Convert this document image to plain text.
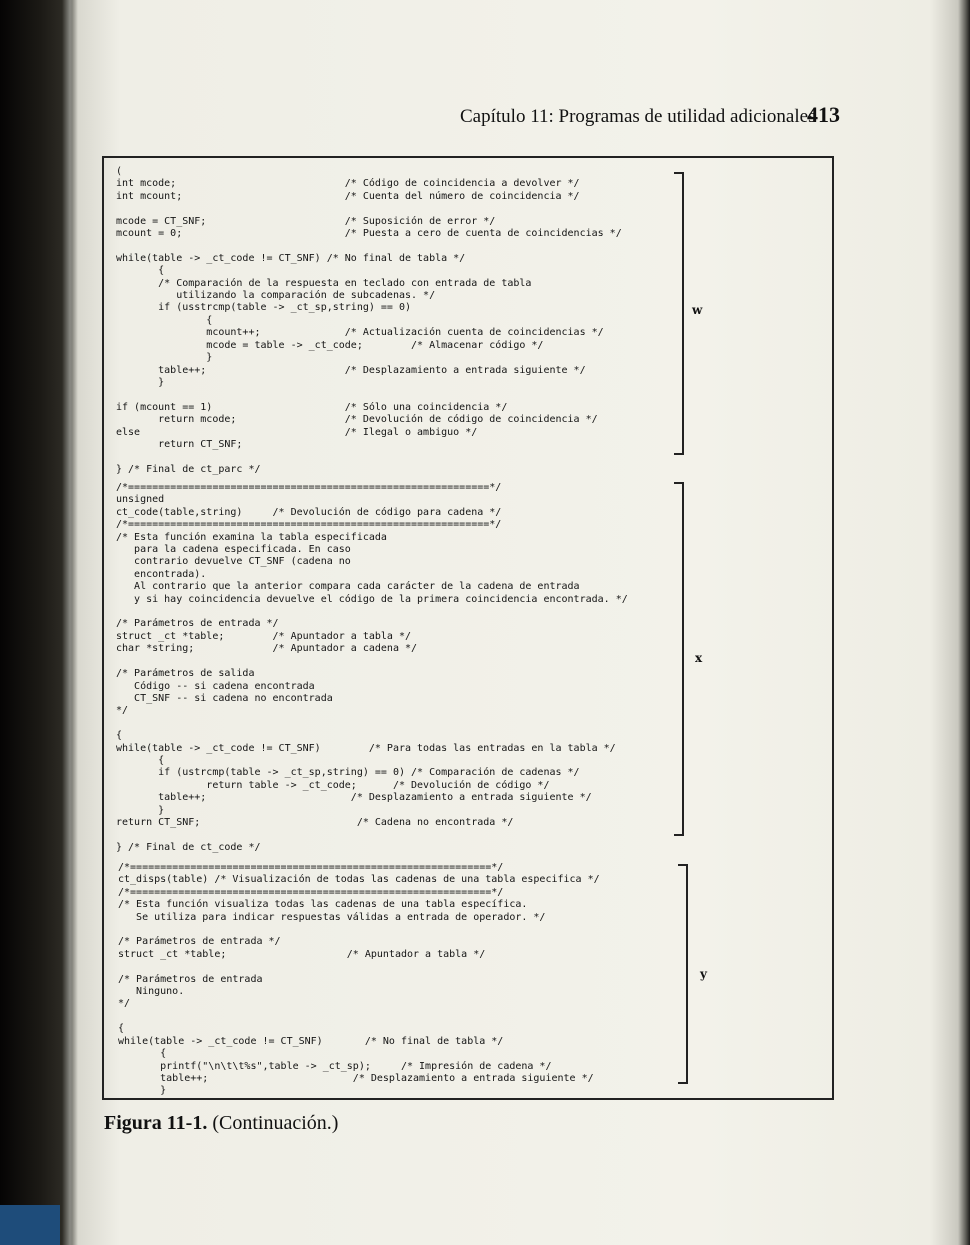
Capítulo 11: Programas de utilidad adicionales
413
(
int mcode;                            /* Código de coincidencia a devolver */
int mcount;                           /* Cuenta del número de coincidencia */

mcode = CT_SNF;                       /* Suposición de error */
mcount = 0;                           /* Puesta a cero de cuenta de coincidencias */

while(table -> _ct_code != CT_SNF) /* No final de tabla */
{
/* Comparación de la respuesta en teclado con entrada de tabla
utilizando la comparación de subcadenas. */
if (usstrcmp(table -> _ct_sp,string) == 0)
{
mcount++;              /* Actualización cuenta de coincidencias */
mcode = table -> _ct_code;        /* Almacenar código */
}
table++;                       /* Desplazamiento a entrada siguiente */
}

if (mcount == 1)                      /* Sólo una coincidencia */
return mcode;                  /* Devolución de código de coincidencia */
else                                  /* Ilegal o ambiguo */
return CT_SNF;

} /* Final de ct_parc */
w
/*============================================================*/
unsigned
ct_code(table,string)     /* Devolución de código para cadena */
/*============================================================*/
/* Esta función examina la tabla especificada
para la cadena especificada. En caso
contrario devuelve CT_SNF (cadena no
encontrada).
Al contrario que la anterior compara cada carácter de la cadena de entrada
y si hay coincidencia devuelve el código de la primera coincidencia encontrada. */

/* Parámetros de entrada */
struct _ct *table;        /* Apuntador a tabla */
char *string;             /* Apuntador a cadena */

/* Parámetros de salida
Código -- si cadena encontrada
CT_SNF -- si cadena no encontrada
*/

{
while(table -> _ct_code != CT_SNF)        /* Para todas las entradas en la tabla */
{
if (ustrcmp(table -> _ct_sp,string) == 0) /* Comparación de cadenas */
return table -> _ct_code;      /* Devolución de código */
table++;                        /* Desplazamiento a entrada siguiente */
}
return CT_SNF;                          /* Cadena no encontrada */

} /* Final de ct_code */
x
/*============================================================*/
ct_disps(table) /* Visualización de todas las cadenas de una tabla especifica */
/*============================================================*/
/* Esta función visualiza todas las cadenas de una tabla específica.
Se utiliza para indicar respuestas válidas a entrada de operador. */

/* Parámetros de entrada */
struct _ct *table;                    /* Apuntador a tabla */

/* Parámetros de entrada
Ninguno.
*/

{
while(table -> _ct_code != CT_SNF)       /* No final de tabla */
{
printf("\n\t\t%s",table -> _ct_sp);     /* Impresión de cadena */
table++;                        /* Desplazamiento a entrada siguiente */
}
y
Figura 11-1. (Continuación.)
